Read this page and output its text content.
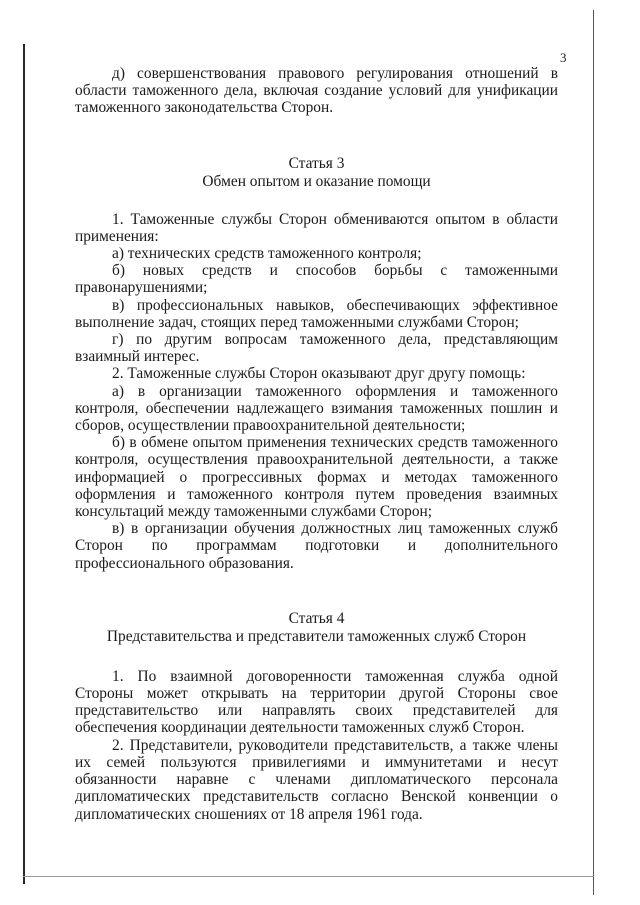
3

д) совершенствования правового регулирования отношений в области таможенного дела, включая создание условий для унификации таможенного законодательства Сторон.

Статья 3

Обмен опытом и оказание помощи

1. Таможенные службы Сторон обмениваются опытом в области применения:

а) технических средств таможенного контроля;

б) новых средств и способов борьбы с таможенными правонарушениями;

в) профессиональных навыков, обеспечивающих эффективное выполнение задач, стоящих перед таможенными службами Сторон;

г) по другим вопросам таможенного дела, представляющим взаимный интерес.

2. Таможенные службы Сторон оказывают друг другу помощь:

а) в организации таможенного оформления и таможенного контроля, обеспечении надлежащего взимания таможенных пошлин и сборов, осуществлении правоохранительной деятельности;

б) в обмене опытом применения технических средств таможенного контроля, осуществления правоохранительной деятельности, а также информацией о прогрессивных формах и методах таможенного оформления и таможенного контроля путем проведения взаимных консультаций между таможенными службами Сторон;

в) в организации обучения должностных лиц таможенных служб Сторон по программам подготовки и дополнительного профессионального образования.

Статья 4

Представительства и представители таможенных служб Сторон

1. По взаимной договоренности таможенная служба одной Стороны может открывать на территории другой Стороны свое представительство или направлять своих представителей для обеспечения координации деятельности таможенных служб Сторон.

2. Представители, руководители представительств, а также члены их семей пользуются привилегиями и иммунитетами и несут обязанности наравне с членами дипломатического персонала дипломатических представительств согласно Венской конвенции о дипломатических сношениях от 18 апреля 1961 года.
